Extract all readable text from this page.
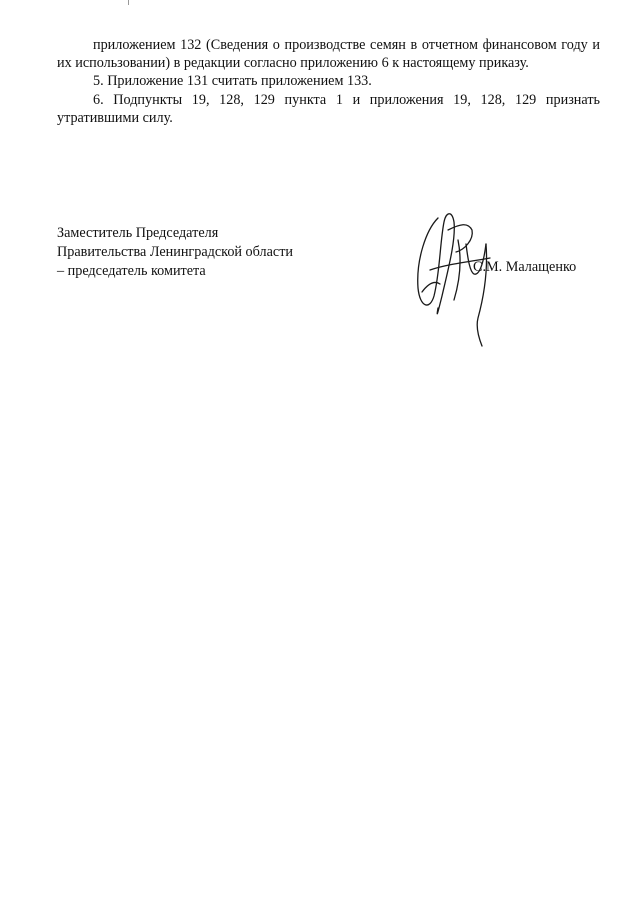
приложением 132 (Сведения о производстве семян в отчетном финансовом году и их использовании) в редакции согласно приложению 6 к настоящему приказу.

5. Приложение 131 считать приложением 133.

6. Подпункты 19, 128, 129 пункта 1 и приложения 19, 128, 129 признать утратившими силу.

Заместитель Председателя
Правительства Ленинградской области
– председатель комитета	С.М. Малащенко
